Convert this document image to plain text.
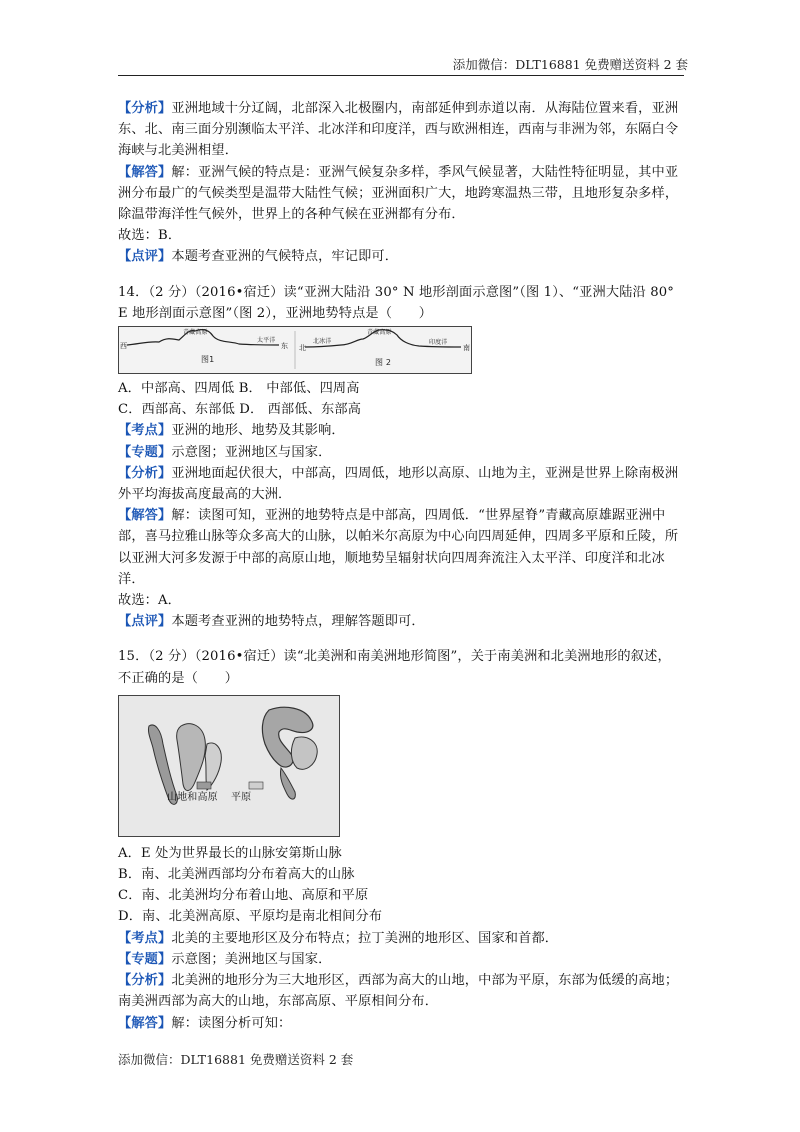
添加微信：DLT16881 免费赠送资料 2 套

【分析】亚洲地域十分辽阔，北部深入北极圈内，南部延伸到赤道以南．从海陆位置来看，亚洲东、北、南三面分别濒临太平洋、北冰洋和印度洋，西与欧洲相连，西南与非洲为邻，东隔白令海峡与北美洲相望．

【解答】解：亚洲气候的特点是：亚洲气候复杂多样，季风气候显著，大陆性特征明显，其中亚洲分布最广的气候类型是温带大陆性气候；亚洲面积广大，地跨寒温热三带，且地形复杂多样，除温带海洋性气候外，世界上的各种气候在亚洲都有分布．

故选：B．

【点评】本题考查亚洲的气候特点，牢记即可．

14．（2 分）（2016•宿迁）读“亚洲大陆沿 30° N 地形剖面示意图”（图 1）、“亚洲大陆沿 80° E 地形剖面示意图”（图 2），亚洲地势特点是（　　）

西
青藏高原
太平洋
东
图1
北
北冰洋
青藏高原
印度洋
南
图 2

A．中部高、四周低 B． 中部低、四周高

C．西部高、东部低 D． 西部低、东部高

【考点】亚洲的地形、地势及其影响．

【专题】示意图；亚洲地区与国家．

【分析】亚洲地面起伏很大，中部高，四周低，地形以高原、山地为主，亚洲是世界上除南极洲外平均海拔高度最高的大洲．

【解答】解：读图可知，亚洲的地势特点是中部高，四周低．“世界屋脊”青藏高原雄踞亚洲中部，喜马拉雅山脉等众多高大的山脉，以帕米尔高原为中心向四周延伸，四周多平原和丘陵，所以亚洲大河多发源于中部的高原山地，顺地势呈辐射状向四周奔流注入太平洋、印度洋和北冰洋．

故选：A．

【点评】本题考查亚洲的地势特点，理解答题即可．

15．（2 分）（2016•宿迁）读“北美洲和南美洲地形简图”，关于南美洲和北美洲地形的叙述，不正确的是（　　）

山地和高原 平原

A．E 处为世界最长的山脉安第斯山脉

B．南、北美洲西部均分布着高大的山脉

C．南、北美洲均分布着山地、高原和平原

D．南、北美洲高原、平原均是南北相间分布

【考点】北美的主要地形区及分布特点；拉丁美洲的地形区、国家和首都．

【专题】示意图；美洲地区与国家．

【分析】北美洲的地形分为三大地形区，西部为高大的山地，中部为平原，东部为低缓的高地；南美洲西部为高大的山地，东部高原、平原相间分布．

【解答】解：读图分析可知：

添加微信：DLT16881 免费赠送资料 2 套
